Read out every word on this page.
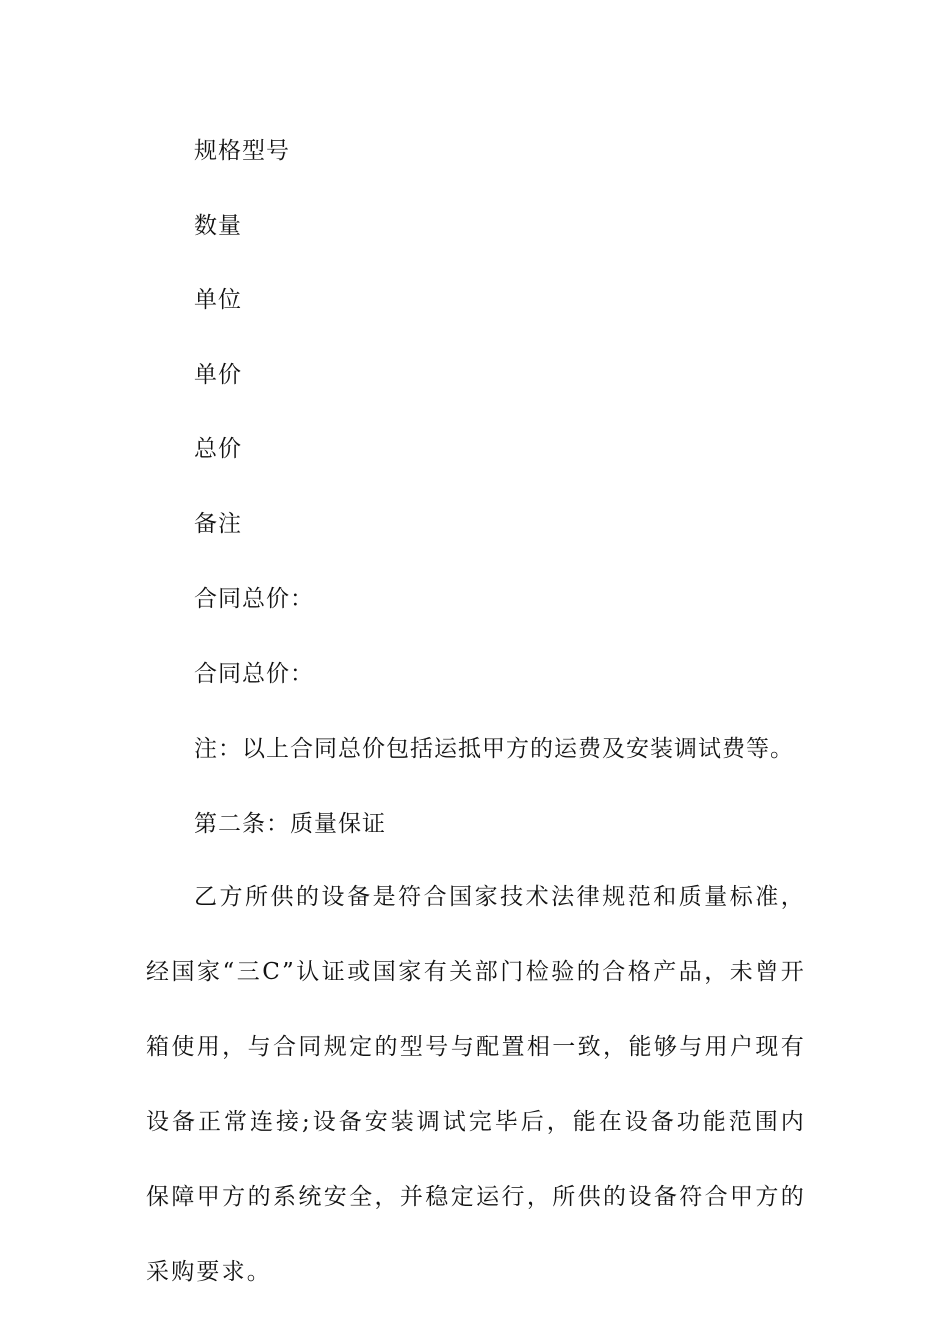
规格型号
数量
单位
单价
总价
备注
合同总价：
合同总价：
注：以上合同总价包括运抵甲方的运费及安装调试费等。
第二条：质量保证

乙方所供的设备是符合国家技术法律规范和质量标准，经国家“三C”认证或国家有关部门检验的合格产品，未曾开箱使用，与合同规定的型号与配置相一致，能够与用户现有设备正常连接;设备安装调试完毕后，能在设备功能范围内保障甲方的系统安全，并稳定运行，所供的设备符合甲方的采购要求。
